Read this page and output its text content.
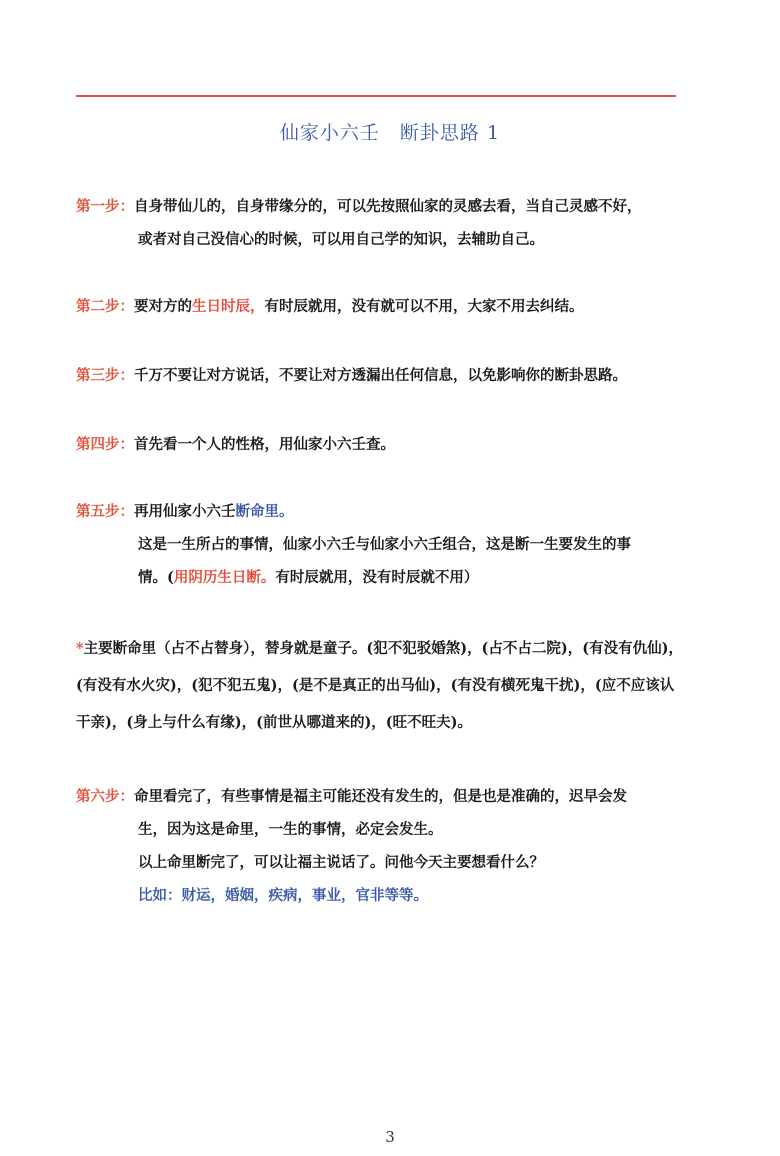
仙家小六壬　断卦思路 1
第一步：自身带仙儿的，自身带缘分的，可以先按照仙家的灵感去看，当自己灵感不好，
或者对自己没信心的时候，可以用自己学的知识，去辅助自己。
第二步：要对方的生日时辰，有时辰就用，没有就可以不用，大家不用去纠结。
第三步：千万不要让对方说话，不要让对方透漏出任何信息，以免影响你的断卦思路。
第四步：首先看一个人的性格，用仙家小六壬查。
第五步：再用仙家小六壬断命里。
这是一生所占的事情，仙家小六壬与仙家小六壬组合，这是断一生要发生的事
情。(用阴历生日断。有时辰就用，没有时辰就不用）
*主要断命里（占不占替身），替身就是童子。(犯不犯驳婚煞)，(占不占二院)，(有没有仇仙)，(有没有水火灾)，(犯不犯五鬼)，(是不是真正的出马仙)，(有没有横死鬼干扰)，(应不应该认干亲)，(身上与什么有缘)，(前世从哪道来的)，(旺不旺夫)。
第六步：命里看完了，有些事情是福主可能还没有发生的，但是也是准确的，迟早会发
生，因为这是命里，一生的事情，必定会发生。
以上命里断完了，可以让福主说话了。问他今天主要想看什么？
比如：财运，婚姻，疾病，事业，官非等等。
3
